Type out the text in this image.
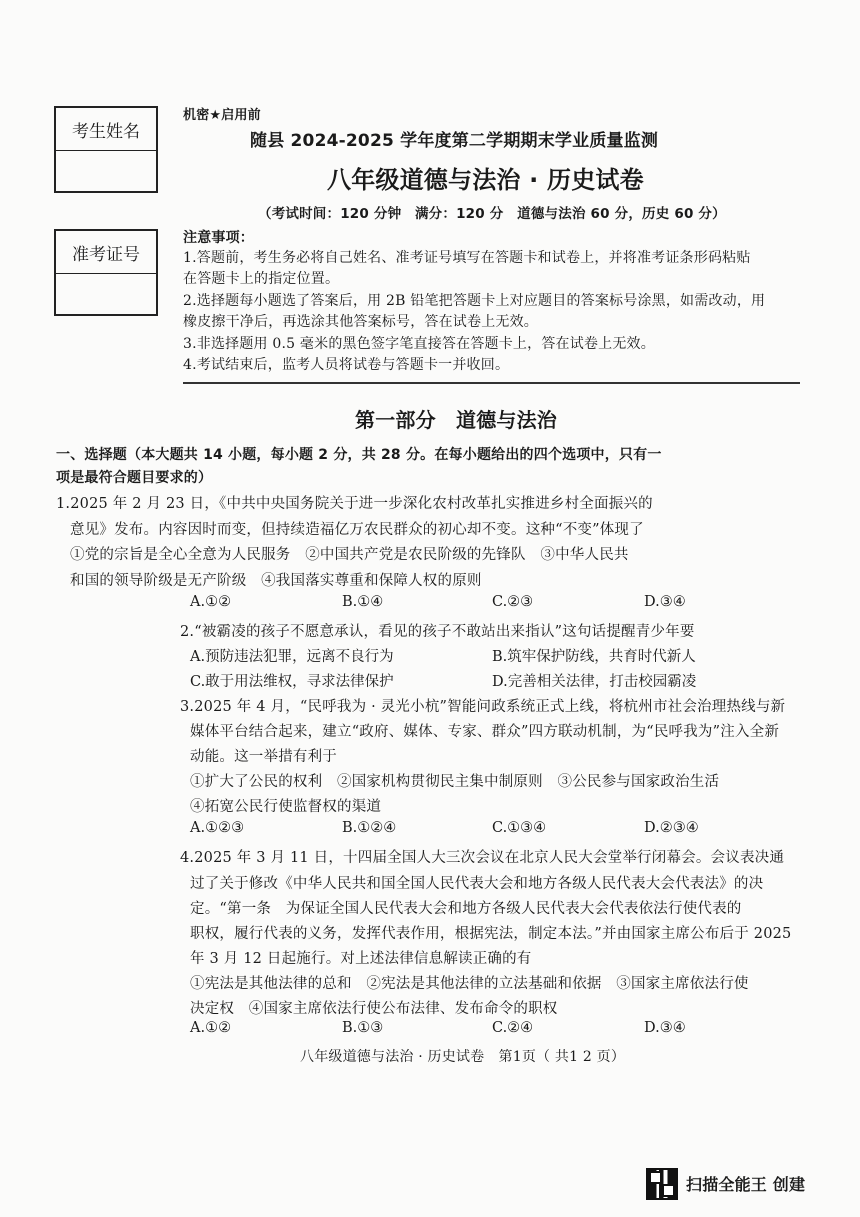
考生姓名
准考证号
机密★启用前
随县 2024-2025 学年度第二学期期末学业质量监测
八年级道德与法治 · 历史试卷
（考试时间：120 分钟　满分：120 分　道德与法治 60 分，历史 60 分）
注意事项：
1.答题前，考生务必将自己姓名、准考证号填写在答题卡和试卷上，并将准考证条形码粘贴
在答题卡上的指定位置。
2.选择题每小题选了答案后，用 2B 铅笔把答题卡上对应题目的答案标号涂黑，如需改动，用
橡皮擦干净后，再选涂其他答案标号，答在试卷上无效。
3.非选择题用 0.5 毫米的黑色签字笔直接答在答题卡上，答在试卷上无效。
4.考试结束后，监考人员将试卷与答题卡一并收回。
第一部分　道德与法治
一、选择题（本大题共 14 小题，每小题 2 分，共 28 分。在每小题给出的四个选项中，只有一
项是最符合题目要求的）
1.2025 年 2 月 23 日，《中共中央国务院关于进一步深化农村改革扎实推进乡村全面振兴的
意见》发布。内容因时而变，但持续造福亿万农民群众的初心却不变。这种“不变”体现了
①党的宗旨是全心全意为人民服务　②中国共产党是农民阶级的先锋队　③中华人民共
和国的领导阶级是无产阶级　④我国落实尊重和保障人权的原则
A.①②	B.①④	C.②③	D.③④
2.“被霸凌的孩子不愿意承认，看见的孩子不敢站出来指认”这句话提醒青少年要
A.预防违法犯罪，远离不良行为	B.筑牢保护防线，共育时代新人
C.敢于用法维权，寻求法律保护	D.完善相关法律，打击校园霸凌
3.2025 年 4 月，“民呼我为 · 灵光小杭”智能问政系统正式上线，将杭州市社会治理热线与新
媒体平台结合起来，建立“政府、媒体、专家、群众”四方联动机制，为“民呼我为”注入全新
动能。这一举措有利于
①扩大了公民的权利　②国家机构贯彻民主集中制原则　③公民参与国家政治生活
④拓宽公民行使监督权的渠道
A.①②③	B.①②④	C.①③④	D.②③④
4.2025 年 3 月 11 日，十四届全国人大三次会议在北京人民大会堂举行闭幕会。会议表决通
过了关于修改《中华人民共和国全国人民代表大会和地方各级人民代表大会代表法》的决
定。“第一条　为保证全国人民代表大会和地方各级人民代表大会代表依法行使代表的
职权，履行代表的义务，发挥代表作用，根据宪法，制定本法。”并由国家主席公布后于 2025
年 3 月 12 日起施行。对上述法律信息解读正确的有
①宪法是其他法律的总和　②宪法是其他法律的立法基础和依据　③国家主席依法行使
决定权　④国家主席依法行使公布法律、发布命令的职权
A.①②	B.①③	C.②④	D.③④
八年级道德与法治 · 历史试卷　第1页（ 共1 2 页）
扫描全能王 创建
